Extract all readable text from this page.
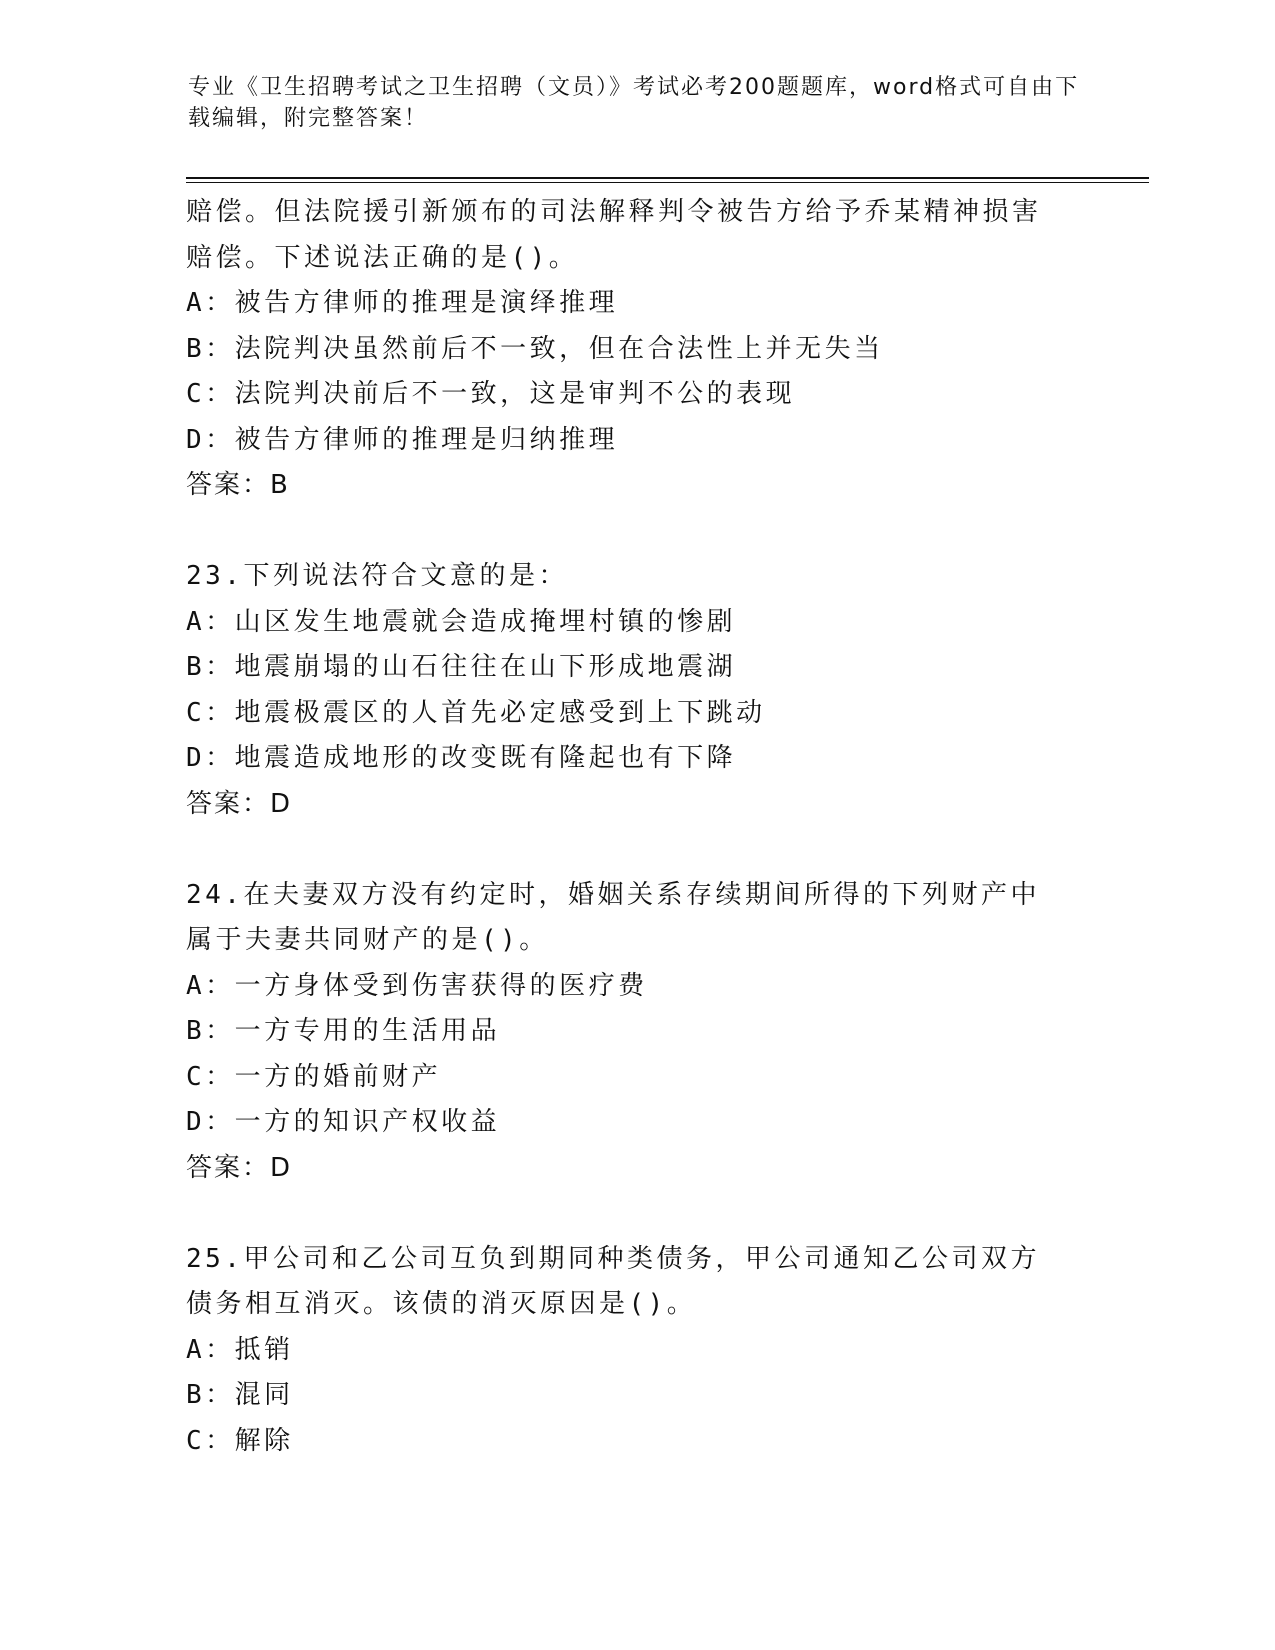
专业《卫生招聘考试之卫生招聘（文员）》考试必考200题题库，word格式可自由下载编辑，附完整答案！
赔偿。但法院援引新颁布的司法解释判令被告方给予乔某精神损害赔偿。下述说法正确的是()。
A：被告方律师的推理是演绎推理
B：法院判决虽然前后不一致，但在合法性上并无失当
C：法院判决前后不一致，这是审判不公的表现
D：被告方律师的推理是归纳推理
答案：B
23.下列说法符合文意的是：
A：山区发生地震就会造成掩埋村镇的惨剧
B：地震崩塌的山石往往在山下形成地震湖
C：地震极震区的人首先必定感受到上下跳动
D：地震造成地形的改变既有隆起也有下降
答案：D
24.在夫妻双方没有约定时，婚姻关系存续期间所得的下列财产中属于夫妻共同财产的是()。
A：一方身体受到伤害获得的医疗费
B：一方专用的生活用品
C：一方的婚前财产
D：一方的知识产权收益
答案：D
25.甲公司和乙公司互负到期同种类债务，甲公司通知乙公司双方债务相互消灭。该债的消灭原因是()。
A：抵销
B：混同
C：解除
